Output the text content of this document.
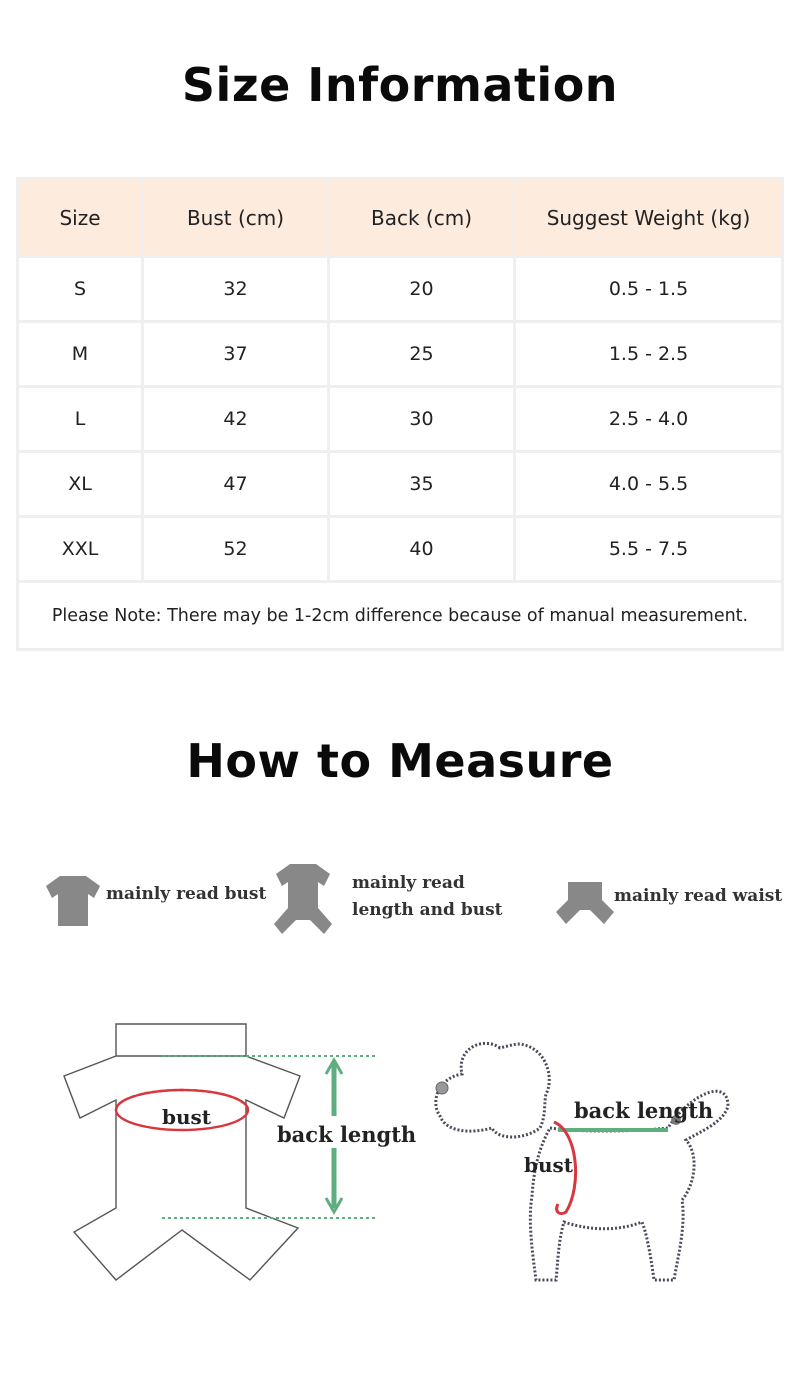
Size Information
Size	Bust (cm)	Back (cm)	Suggest Weight (kg)
S	32	20	0.5 - 1.5
M	37	25	1.5 - 2.5
L	42	30	2.5 - 4.0
XL	47	35	4.0 - 5.5
XXL	52	40	5.5 - 7.5
Please Note: There may be 1-2cm difference because of manual measurement.			
How to Measure
mainly read bust
mainly read
length and bust
mainly read waist
bust
back length
back length
bust
